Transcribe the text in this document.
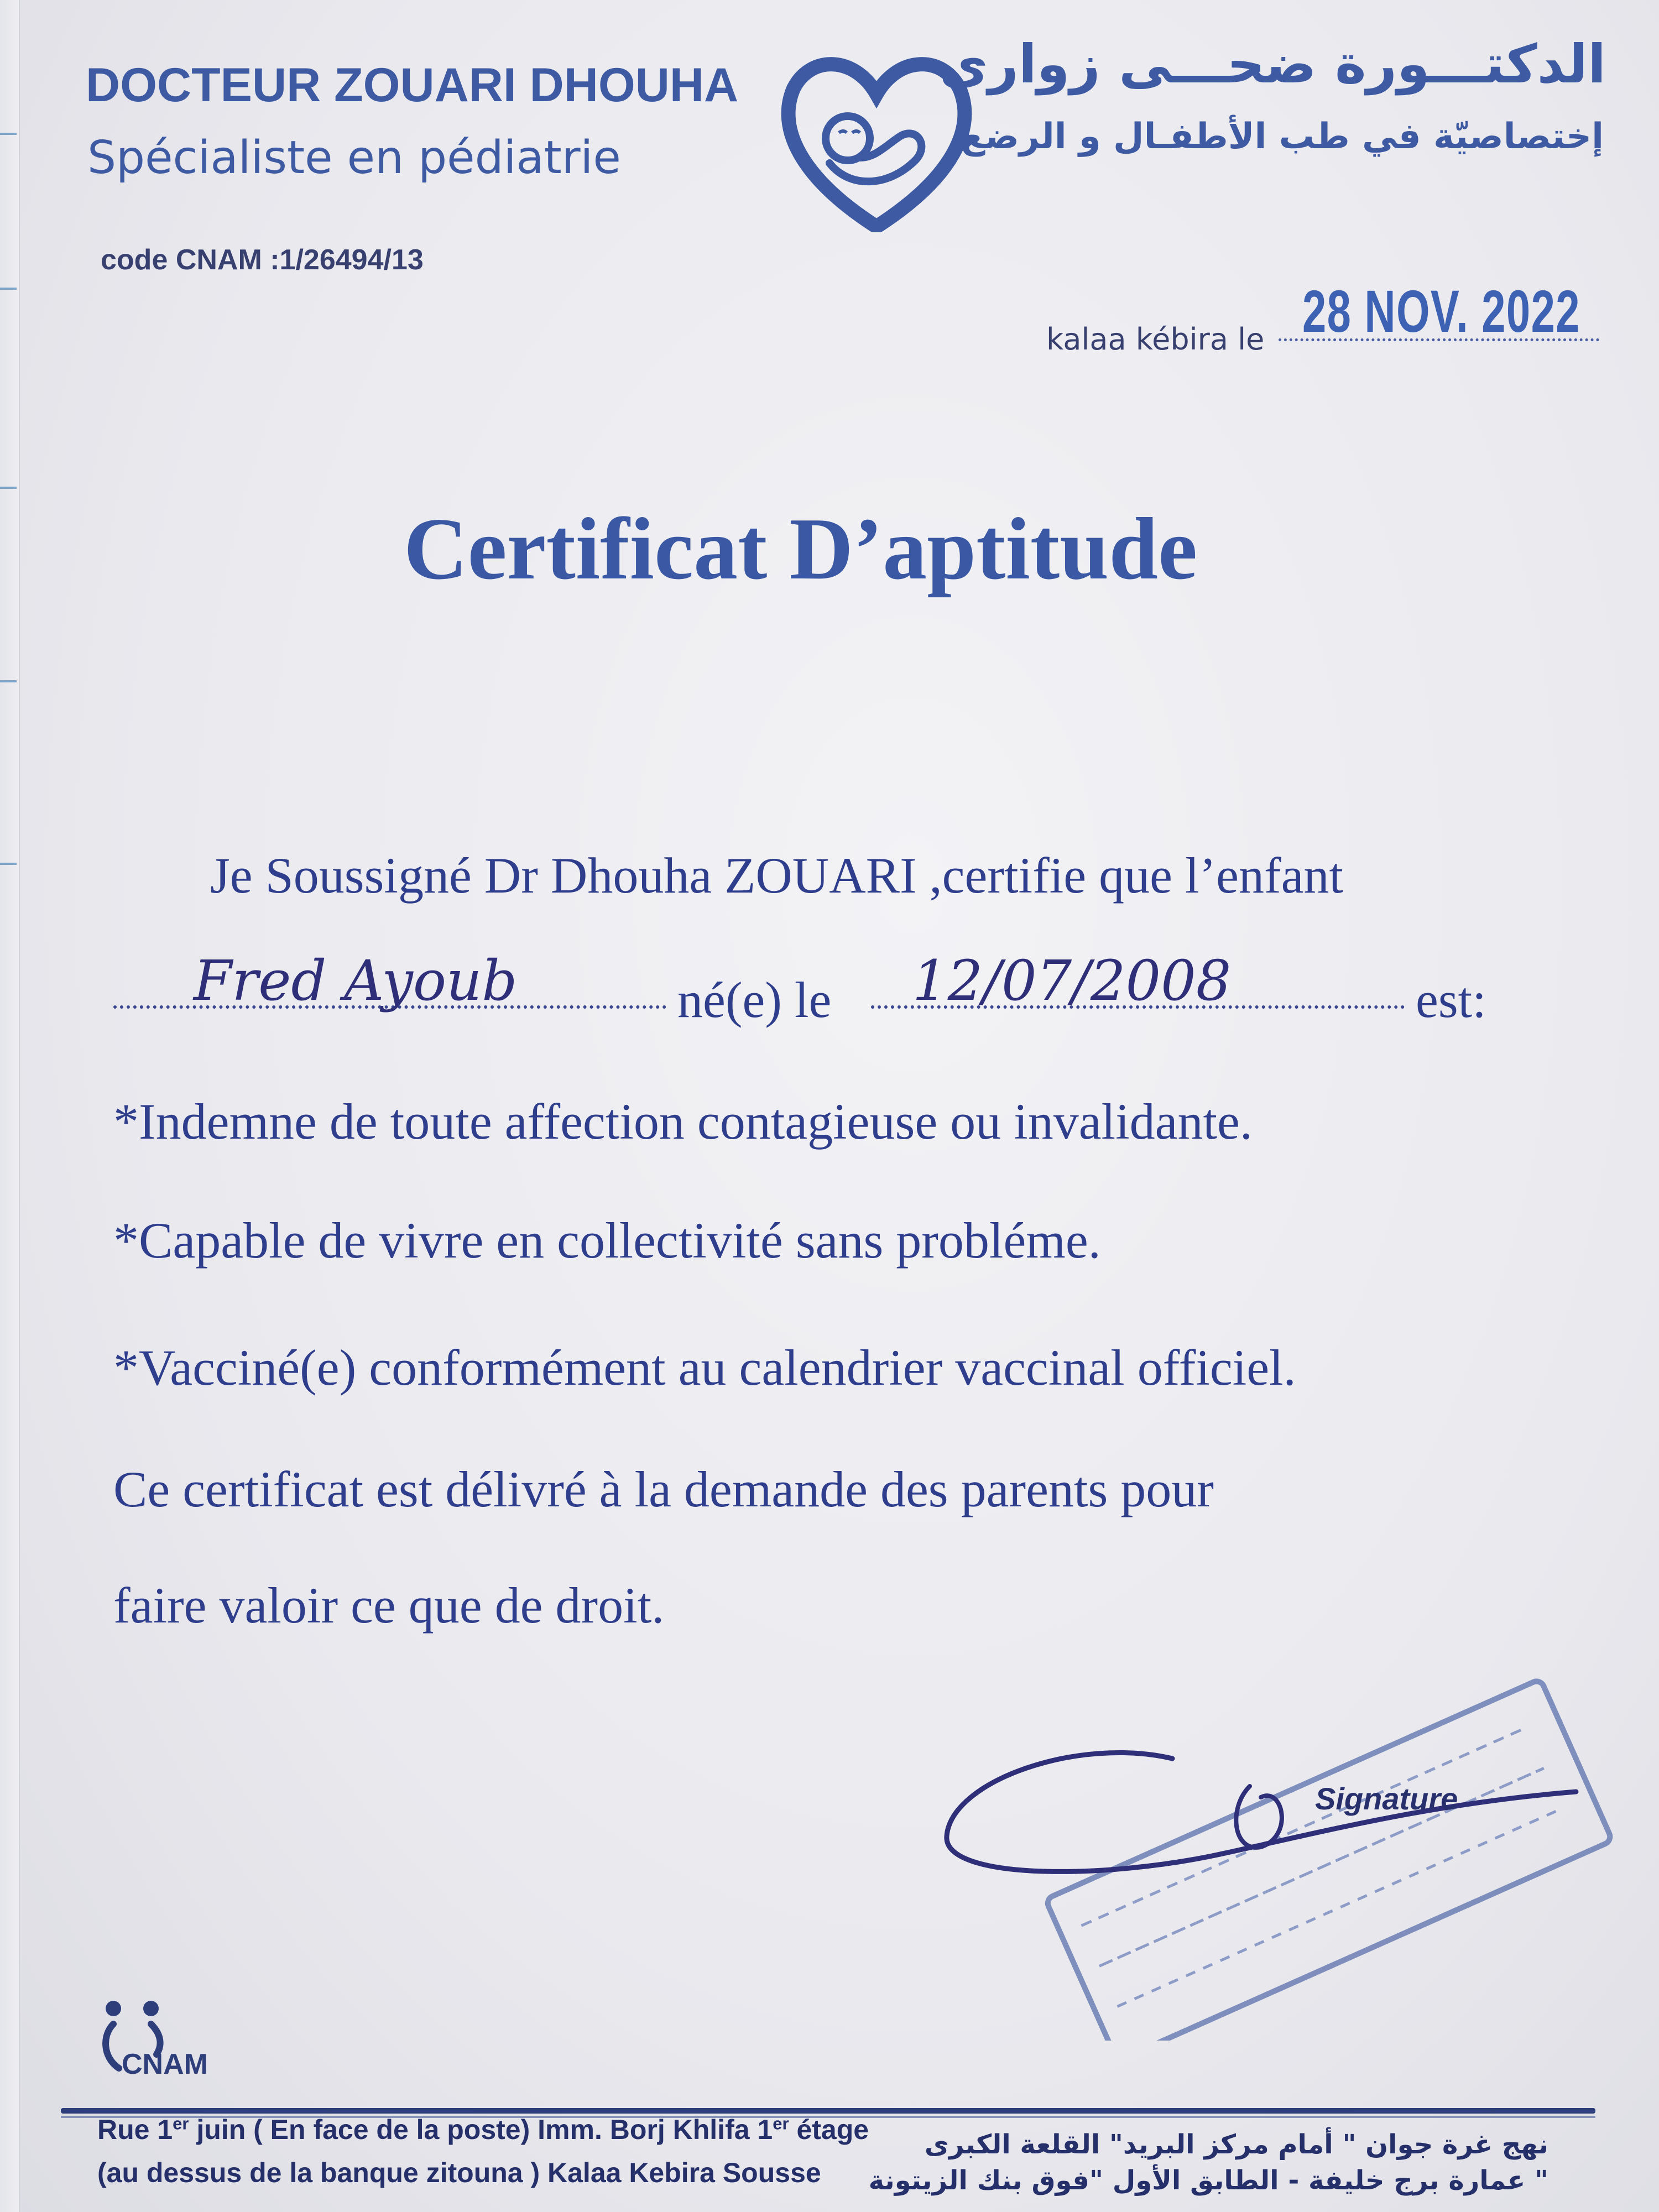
DOCTEUR ZOUARI DHOUHA
Spécialiste en pédiatrie
code CNAM :1/26494/13
الدكتـــورة ضحـــى زواري
إختصاصيّة في طب الأطفـال و الرضع
kalaa kébira le 28 NOV. 2022
Certificat D’aptitude
Je Soussigné Dr Dhouha ZOUARI ,certifie que l’enfant
Fred Ayoub	né(e) le 12/07/2008	est:
*Indemne de toute affection contagieuse ou invalidante.
*Capable de vivre en collectivité sans probléme.
*Vacciné(e) conformément au calendrier vaccinal officiel.
Ce certificat est délivré à la demande des parents pour
faire valoir ce que de droit.
Signature
CNAM
Rue 1er juin ( En face de la poste) Imm. Borj Khlifa 1er étage
(au dessus de la banque zitouna ) Kalaa Kebira Sousse
نهج غرة جوان " أمام مركز البريد" القلعة الكبرى
" عمارة برج خليفة - الطابق الأول "فوق بنك الزيتونة
